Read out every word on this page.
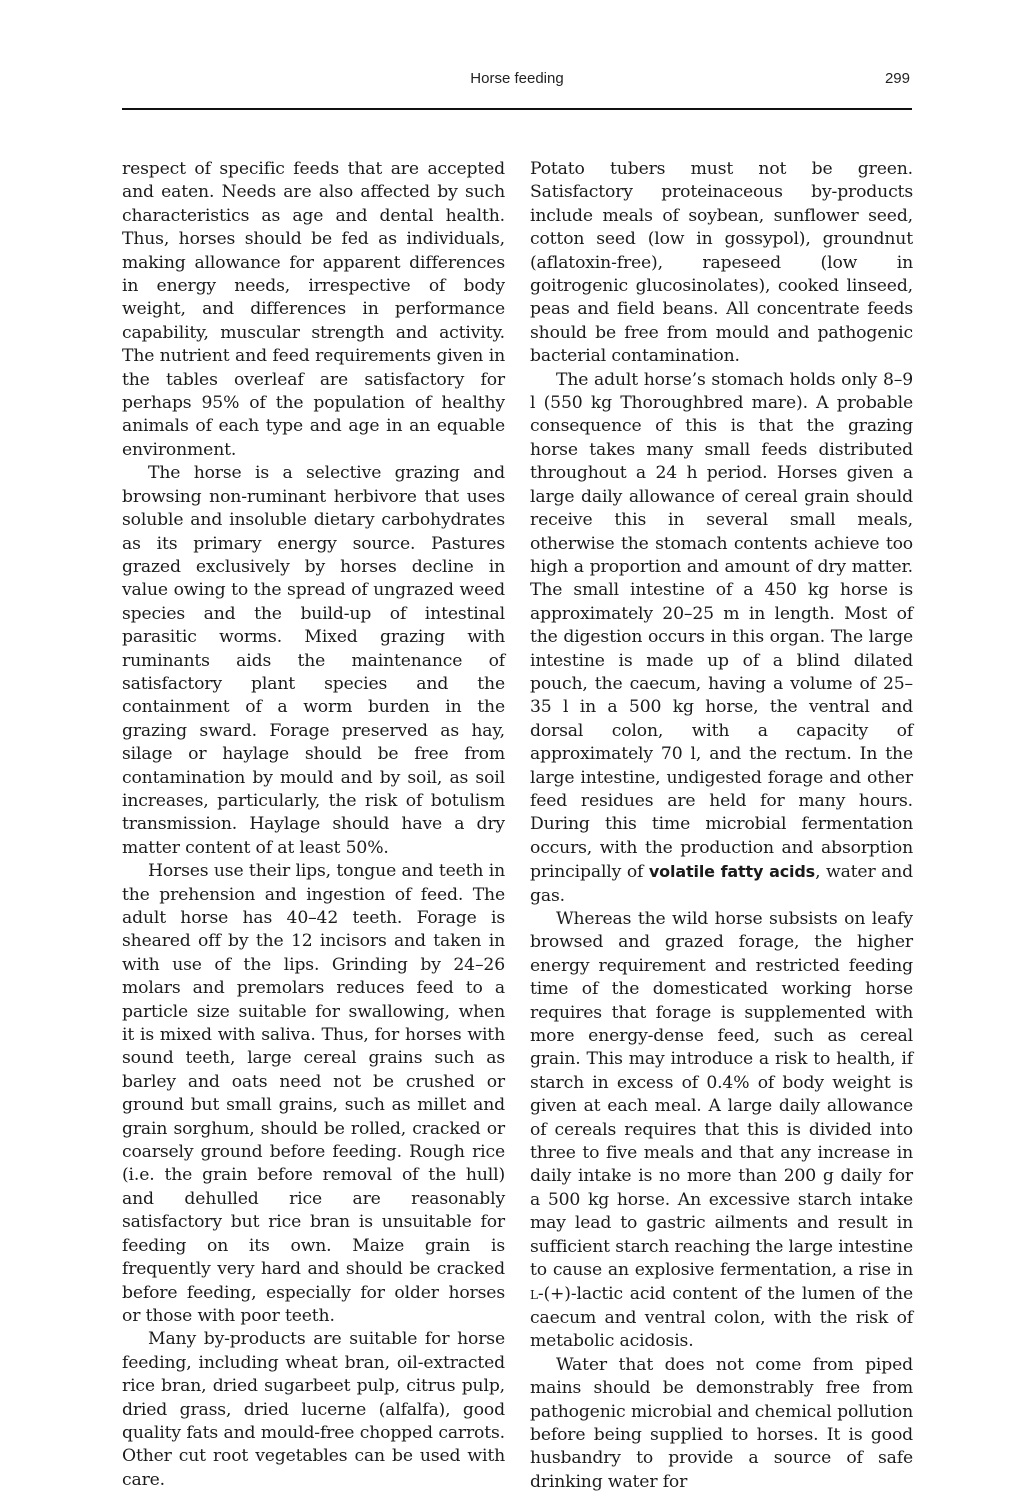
Horse feeding	299

respect of specific feeds that are accepted and eaten. Needs are also affected by such characteristics as age and dental health. Thus, horses should be fed as individuals, making allowance for apparent differences in energy needs, irrespective of body weight, and differences in performance capability, muscular strength and activity. The nutrient and feed requirements given in the tables overleaf are satisfactory for perhaps 95% of the population of healthy animals of each type and age in an equable environment.

The horse is a selective grazing and browsing non-ruminant herbivore that uses soluble and insoluble dietary carbohydrates as its primary energy source. Pastures grazed exclusively by horses decline in value owing to the spread of ungrazed weed species and the build-up of intestinal parasitic worms. Mixed grazing with ruminants aids the maintenance of satisfactory plant species and the containment of a worm burden in the grazing sward. Forage preserved as hay, silage or haylage should be free from contamination by mould and by soil, as soil increases, particularly, the risk of botulism transmission. Haylage should have a dry matter content of at least 50%.

Horses use their lips, tongue and teeth in the prehension and ingestion of feed. The adult horse has 40–42 teeth. Forage is sheared off by the 12 incisors and taken in with use of the lips. Grinding by 24–26 molars and premolars reduces feed to a particle size suitable for swallowing, when it is mixed with saliva. Thus, for horses with sound teeth, large cereal grains such as barley and oats need not be crushed or ground but small grains, such as millet and grain sorghum, should be rolled, cracked or coarsely ground before feeding. Rough rice (i.e. the grain before removal of the hull) and dehulled rice are reasonably satisfactory but rice bran is unsuitable for feeding on its own. Maize grain is frequently very hard and should be cracked before feeding, especially for older horses or those with poor teeth.

Many by-products are suitable for horse feeding, including wheat bran, oil-extracted rice bran, dried sugarbeet pulp, citrus pulp, dried grass, dried lucerne (alfalfa), good quality fats and mould-free chopped carrots. Other cut root vegetables can be used with care.

Potato tubers must not be green. Satisfactory proteinaceous by-products include meals of soybean, sunflower seed, cotton seed (low in gossypol), groundnut (aflatoxin-free), rapeseed (low in goitrogenic glucosinolates), cooked linseed, peas and field beans. All concentrate feeds should be free from mould and pathogenic bacterial contamination.

The adult horse’s stomach holds only 8–9 l (550 kg Thoroughbred mare). A probable consequence of this is that the grazing horse takes many small feeds distributed throughout a 24 h period. Horses given a large daily allowance of cereal grain should receive this in several small meals, otherwise the stomach contents achieve too high a proportion and amount of dry matter. The small intestine of a 450 kg horse is approximately 20–25 m in length. Most of the digestion occurs in this organ. The large intestine is made up of a blind dilated pouch, the caecum, having a volume of 25–35 l in a 500 kg horse, the ventral and dorsal colon, with a capacity of approximately 70 l, and the rectum. In the large intestine, undigested forage and other feed residues are held for many hours. During this time microbial fermentation occurs, with the production and absorption principally of volatile fatty acids, water and gas.

Whereas the wild horse subsists on leafy browsed and grazed forage, the higher energy requirement and restricted feeding time of the domesticated working horse requires that forage is supplemented with more energy-dense feed, such as cereal grain. This may introduce a risk to health, if starch in excess of 0.4% of body weight is given at each meal. A large daily allowance of cereals requires that this is divided into three to five meals and that any increase in daily intake is no more than 200 g daily for a 500 kg horse. An excessive starch intake may lead to gastric ailments and result in sufficient starch reaching the large intestine to cause an explosive fermentation, a rise in L-(+)-lactic acid content of the lumen of the caecum and ventral colon, with the risk of metabolic acidosis.

Water that does not come from piped mains should be demonstrably free from pathogenic microbial and chemical pollution before being supplied to horses. It is good husbandry to provide a source of safe drinking water for
